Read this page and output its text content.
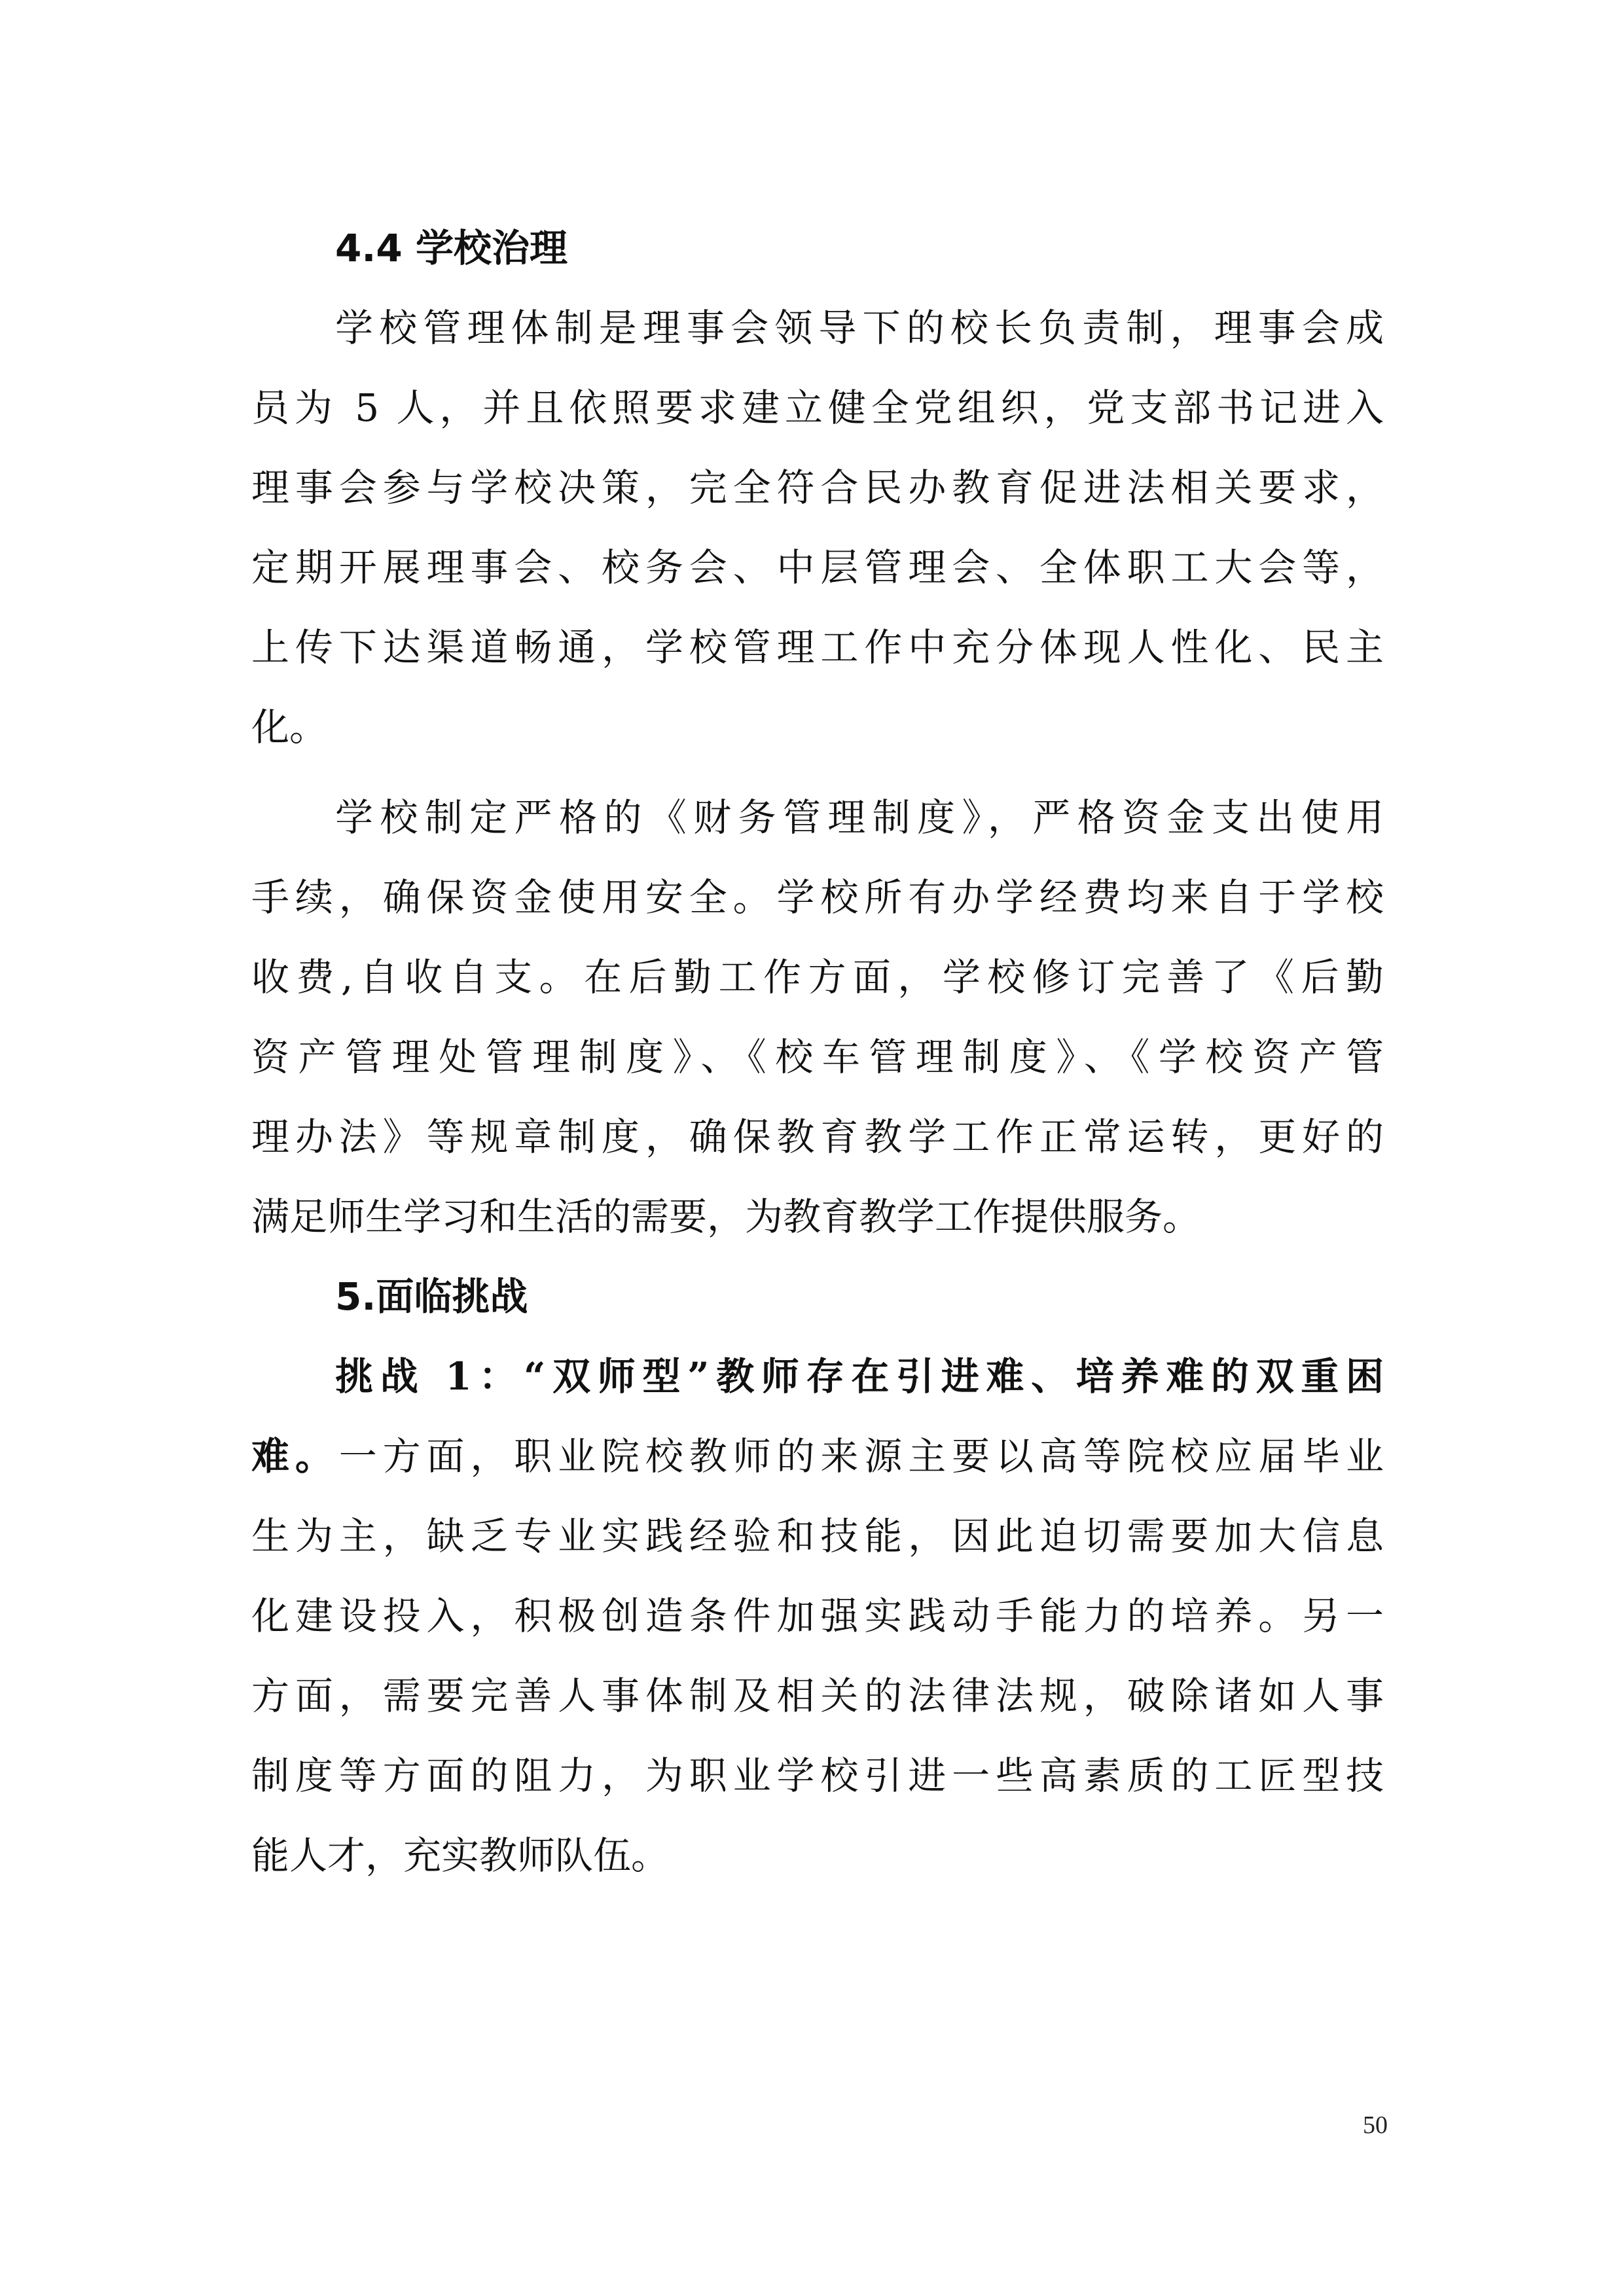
4.4 学校治理
学校管理体制是理事会领导下的校长负责制，理事会成
员为 5 人，并且依照要求建立健全党组织，党支部书记进入
理事会参与学校决策，完全符合民办教育促进法相关要求，
定期开展理事会、校务会、中层管理会、全体职工大会等，
上传下达渠道畅通，学校管理工作中充分体现人性化、民主
化。
学校制定严格的《财务管理制度》，严格资金支出使用
手续，确保资金使用安全。学校所有办学经费均来自于学校
收费,自收自支。在后勤工作方面，学校修订完善了《后勤
资产管理处管理制度》、《校车管理制度》、《学校资产管
理办法》等规章制度，确保教育教学工作正常运转，更好的
满足师生学习和生活的需要，为教育教学工作提供服务。
5.面临挑战
挑战 1：“双师型”教师存在引进难、培养难的双重困
难。一方面，职业院校教师的来源主要以高等院校应届毕业
生为主，缺乏专业实践经验和技能，因此迫切需要加大信息
化建设投入，积极创造条件加强实践动手能力的培养。另一
方面，需要完善人事体制及相关的法律法规，破除诸如人事
制度等方面的阻力，为职业学校引进一些高素质的工匠型技
能人才，充实教师队伍。
50
